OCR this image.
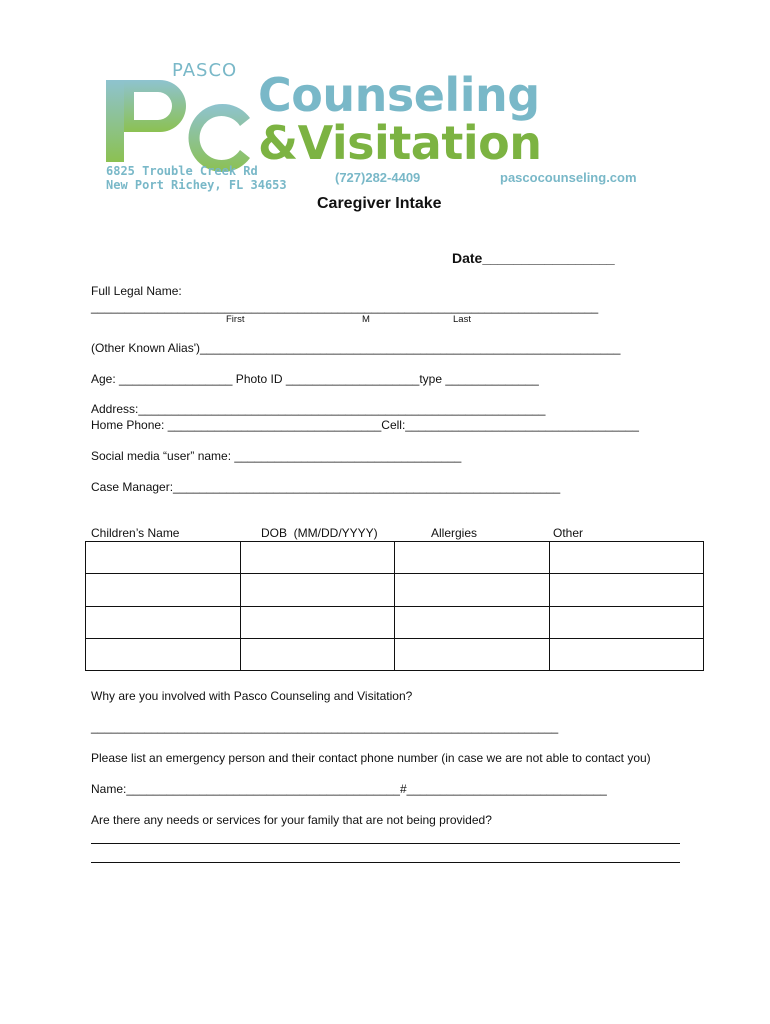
PASCO Counseling
&Visitation
6825 Trouble Creek Rd
New Port Richey, FL 34653	(727)282-4409	pascocounseling.com
Caregiver Intake
Date_________________
Full Legal Name:
____________________________________________________________________________
First	M	Last
(Other Known Alias')_______________________________________________________________
Age: _________________ Photo ID ____________________type ______________
Address:_____________________________________________________________
Home Phone: ________________________________Cell:___________________________________
Social media “user” name: __________________________________
Case Manager:__________________________________________________________
Children’s Name	DOB  (MM/DD/YYYY)	Allergies	Other

Why are you involved with Pasco Counseling and Visitation?
______________________________________________________________________
Please list an emergency person and their contact phone number (in case we are not able to contact you)
Name:_________________________________________#______________________________
Are there any needs or services for your family that are not being provided?
